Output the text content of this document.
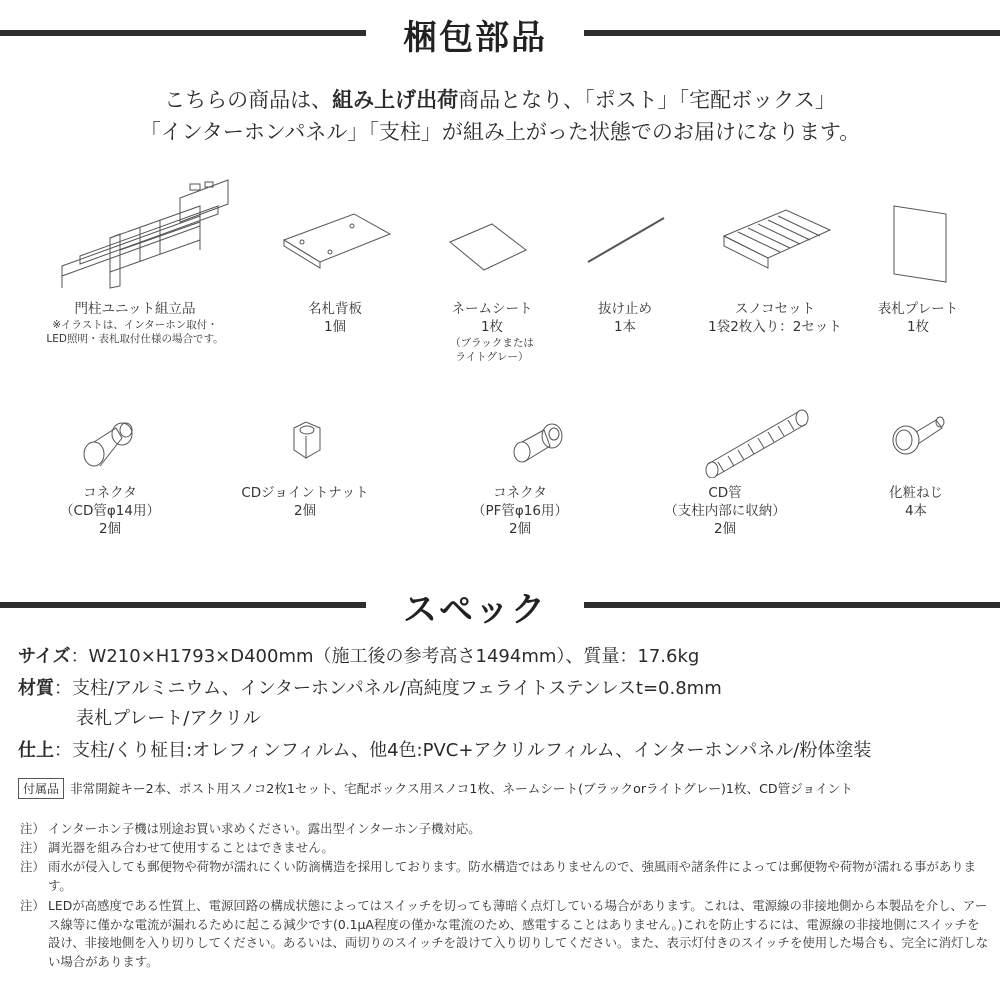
梱包部品
こちらの商品は、組み上げ出荷商品となり、「ポスト」「宅配ボックス」
「インターホンパネル」「支柱」が組み上がった状態でのお届けになります。
門柱ユニット組立品
※イラストは、インターホン取付・
LED照明・表札取付仕様の場合です。
名札背板
1個
ネームシート
1枚
（ブラックまたは
ライトグレー）
抜け止め
1本
スノコセット
1袋2枚入り：2セット
表札プレート
1枚
コネクタ
（CD管φ14用）
2個
CDジョイントナット
2個
コネクタ
（PF管φ16用）
2個
CD管
（支柱内部に収納）
2個
化粧ねじ
4本
スペック
サイズ：W210×H1793×D400mm（施工後の参考高さ1494mm）、質量：17.6kg
材質：支柱/アルミニウム、インターホンパネル/高純度フェライトステンレスt=0.8mm
表札プレート/アクリル
仕上：支柱/くり柾目:オレフィンフィルム、他4色:PVC+アクリルフィルム、インターホンパネル/粉体塗装
付属品 非常開錠キー2本、ポスト用スノコ2枚1セット、宅配ボックス用スノコ1枚、ネームシート(ブラックorライトグレー)1枚、CD管ジョイント
注） インターホン子機は別途お買い求めください。露出型インターホン子機対応。
注） 調光器を組み合わせて使用することはできません。
注） 雨水が侵入しても郵便物や荷物が濡れにくい防滴構造を採用しております。防水構造ではありませんので、強風雨や諸条件によっては郵便物や荷物が濡れる事があります。
注） LEDが高感度である性質上、電源回路の構成状態によってはスイッチを切っても薄暗く点灯している場合があります。これは、電源線の非接地側から本製品を介し、アース線等に僅かな電流が漏れるために起こる減少です(0.1μA程度の僅かな電流のため、感電することはありません。)これを防止するには、電源線の非接地側にスイッチを設け、非接地側を入り切りしてください。あるいは、両切りのスイッチを設けて入り切りしてください。また、表示灯付きのスイッチを使用した場合も、完全に消灯しない場合があります。
